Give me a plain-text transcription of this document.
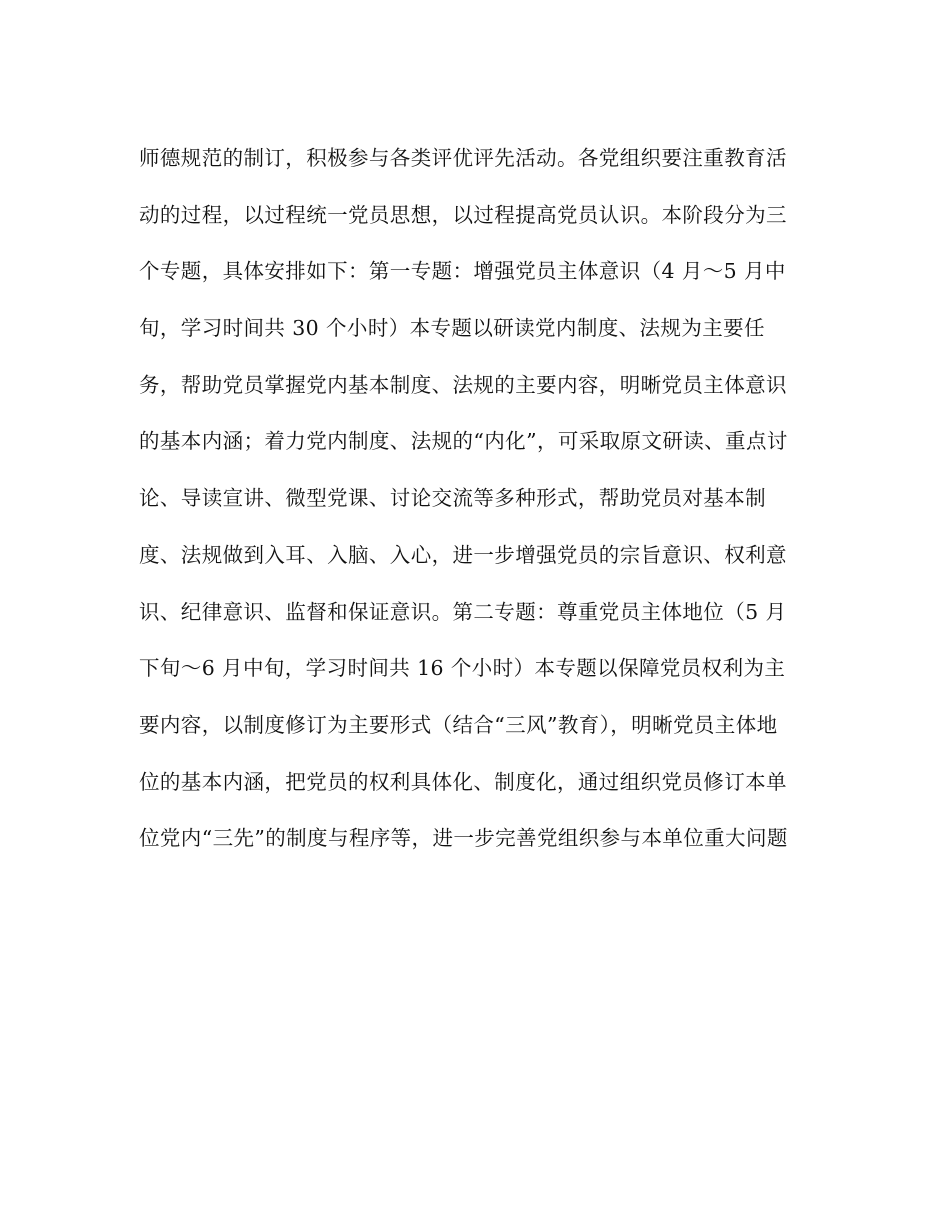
师德规范的制订，积极参与各类评优评先活动。各党组织要注重教育活
动的过程，以过程统一党员思想，以过程提高党员认识。本阶段分为三
个专题，具体安排如下：第一专题：增强党员主体意识（4 月～5 月中
旬，学习时间共 30 个小时）本专题以研读党内制度、法规为主要任
务，帮助党员掌握党内基本制度、法规的主要内容，明晰党员主体意识
的基本内涵；着力党内制度、法规的“内化”，可采取原文研读、重点讨
论、导读宣讲、微型党课、讨论交流等多种形式，帮助党员对基本制
度、法规做到入耳、入脑、入心，进一步增强党员的宗旨意识、权利意
识、纪律意识、监督和保证意识。第二专题：尊重党员主体地位（5 月
下旬～6 月中旬，学习时间共 16 个小时）本专题以保障党员权利为主
要内容，以制度修订为主要形式（结合“三风”教育），明晰党员主体地
位的基本内涵，把党员的权利具体化、制度化，通过组织党员修订本单
位党内“三先”的制度与程序等，进一步完善党组织参与本单位重大问题
